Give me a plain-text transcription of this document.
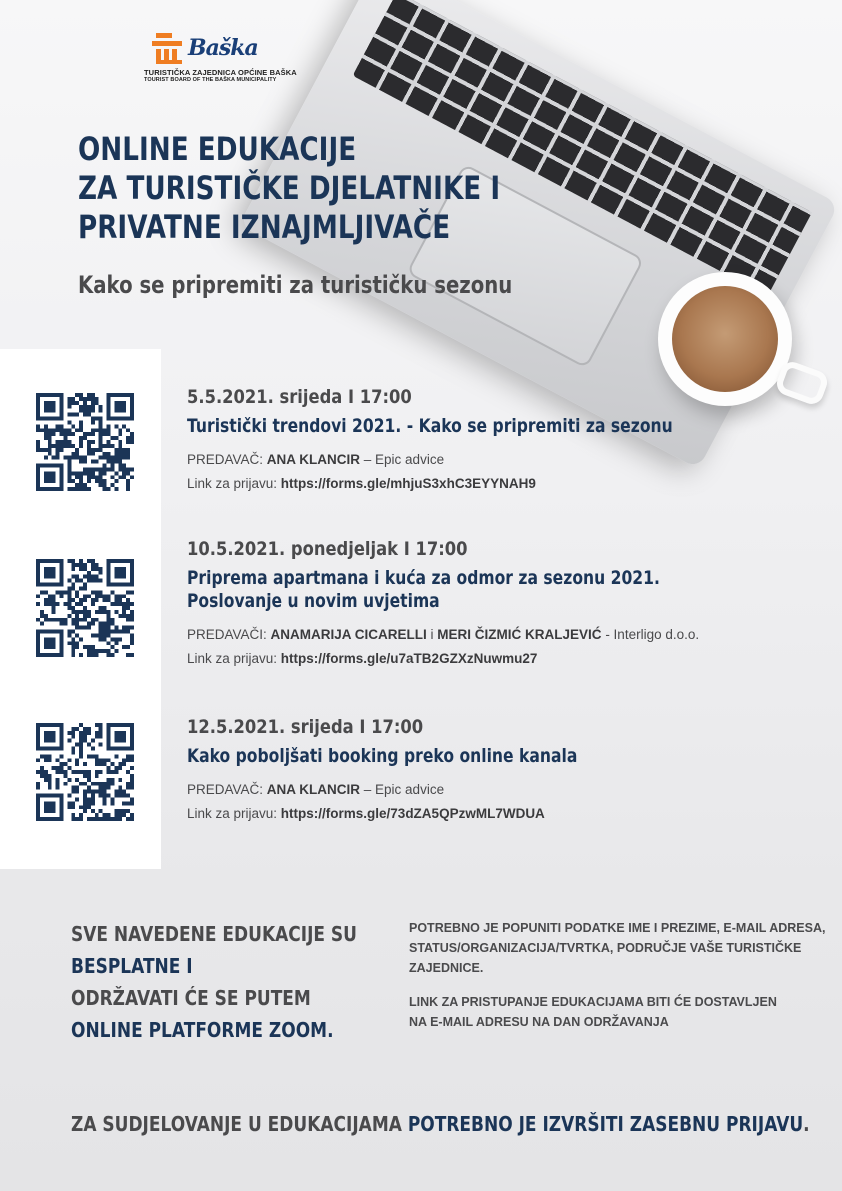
Baška
TURISTIČKA ZAJEDNICA OPĆINE BAŠKA
TOURIST BOARD OF THE BAŠKA MUNICIPALITY
ONLINE EDUKACIJE
ZA TURISTIČKE DJELATNIKE I
PRIVATNE IZNAJMLJIVAČE
Kako se pripremiti za turističku sezonu
5.5.2021. srijeda I 17:00
Turistički trendovi 2021. - Kako se pripremiti za sezonu
PREDAVAČ: ANA KLANCIR – Epic advice
Link za prijavu: https://forms.gle/mhjuS3xhC3EYYNAH9
10.5.2021. ponedjeljak I 17:00
Priprema apartmana i kuća za odmor za sezonu 2021.
Poslovanje u novim uvjetima
PREDAVAČI: ANAMARIJA CICARELLI i MERI ČIZMIĆ KRALJEVIĆ - Interligo d.o.o.
Link za prijavu: https://forms.gle/u7aTB2GZXzNuwmu27
12.5.2021. srijeda I 17:00
Kako poboljšati booking preko online kanala
PREDAVAČ: ANA KLANCIR – Epic advice
Link za prijavu: https://forms.gle/73dZA5QPzwML7WDUA
SVE NAVEDENE EDUKACIJE SU
BESPLATNE I
ODRŽAVATI ĆE SE PUTEM
ONLINE PLATFORME ZOOM.

POTREBNO JE POPUNITI PODATKE IME I PREZIME, E-MAIL ADRESA, STATUS/ORGANIZACIJA/TVRTKA, PODRUČJE VAŠE TURISTIČKE ZAJEDNICE.

LINK ZA PRISTUPANJE EDUKACIJAMA BITI ĆE DOSTAVLJEN
NA E-MAIL ADRESU NA DAN ODRŽAVANJA

ZA SUDJELOVANJE U EDUKACIJAMA POTREBNO JE IZVRŠITI ZASEBNU PRIJAVU.
